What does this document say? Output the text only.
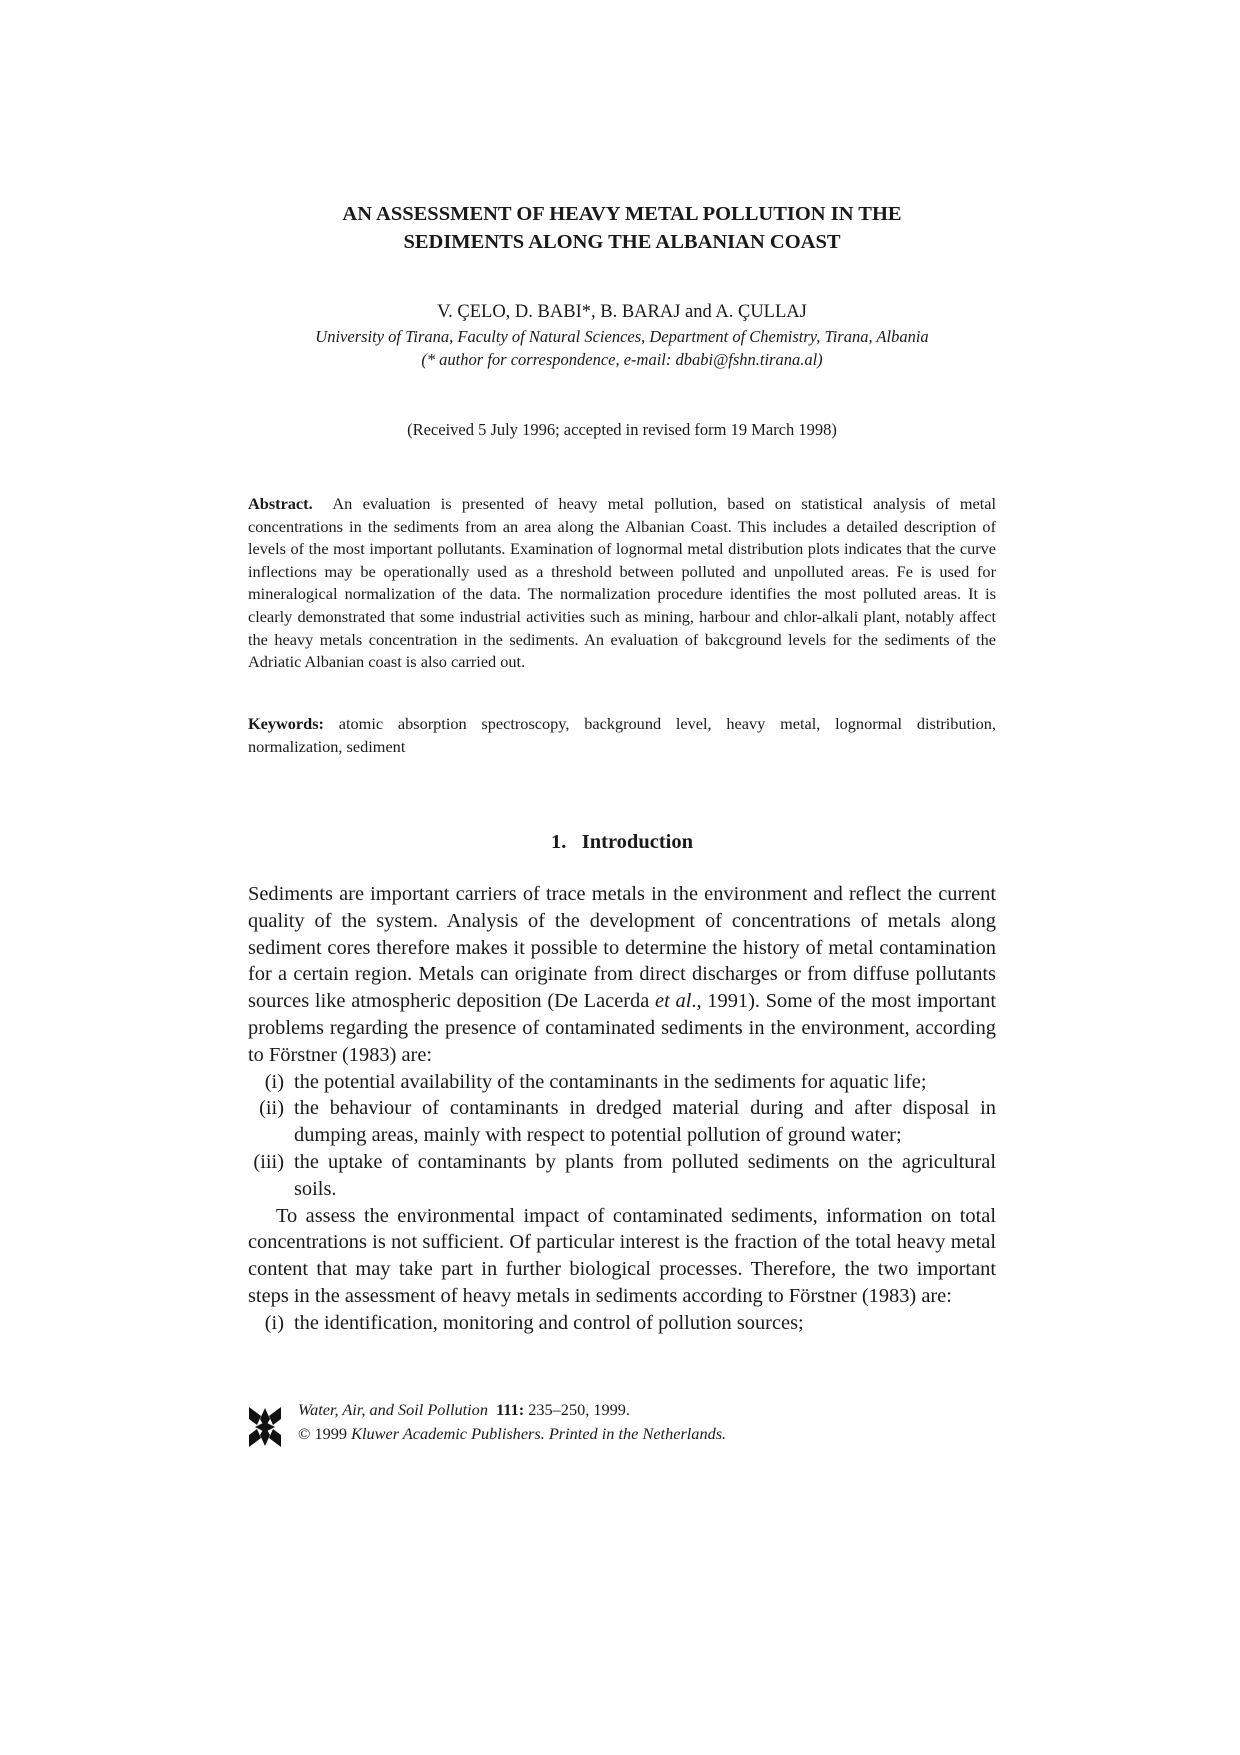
AN ASSESSMENT OF HEAVY METAL POLLUTION IN THE
SEDIMENTS ALONG THE ALBANIAN COAST
V. ÇELO, D. BABI*, B. BARAJ and A. ÇULLAJ
University of Tirana, Faculty of Natural Sciences, Department of Chemistry, Tirana, Albania
(* author for correspondence, e-mail: dbabi@fshn.tirana.al)
(Received 5 July 1996; accepted in revised form 19 March 1998)
Abstract. An evaluation is presented of heavy metal pollution, based on statistical analysis of metal concentrations in the sediments from an area along the Albanian Coast. This includes a detailed description of levels of the most important pollutants. Examination of lognormal metal distribution plots indicates that the curve inflections may be operationally used as a threshold between polluted and unpolluted areas. Fe is used for mineralogical normalization of the data. The normalization procedure identifies the most polluted areas. It is clearly demonstrated that some industrial activities such as mining, harbour and chlor-alkali plant, notably affect the heavy metals concentration in the sediments. An evaluation of bakcground levels for the sediments of the Adriatic Albanian coast is also carried out.
Keywords: atomic absorption spectroscopy, background level, heavy metal, lognormal distribution, normalization, sediment
1. Introduction

Sediments are important carriers of trace metals in the environment and reflect the current quality of the system. Analysis of the development of concentrations of metals along sediment cores therefore makes it possible to determine the history of metal contamination for a certain region. Metals can originate from direct discharges or from diffuse pollutants sources like atmospheric deposition (De Lacerda et al., 1991). Some of the most important problems regarding the presence of contaminated sediments in the environment, according to Förstner (1983) are:

(i) the potential availability of the contaminants in the sediments for aquatic life;
(ii) the behaviour of contaminants in dredged material during and after disposal in dumping areas, mainly with respect to potential pollution of ground water;
(iii) the uptake of contaminants by plants from polluted sediments on the agricultural soils.

To assess the environmental impact of contaminated sediments, information on total concentrations is not sufficient. Of particular interest is the fraction of the total heavy metal content that may take part in further biological processes. Therefore, the two important steps in the assessment of heavy metals in sediments according to Förstner (1983) are:

(i) the identification, monitoring and control of pollution sources;
Water, Air, and Soil Pollution 111: 235–250, 1999.
© 1999 Kluwer Academic Publishers. Printed in the Netherlands.
